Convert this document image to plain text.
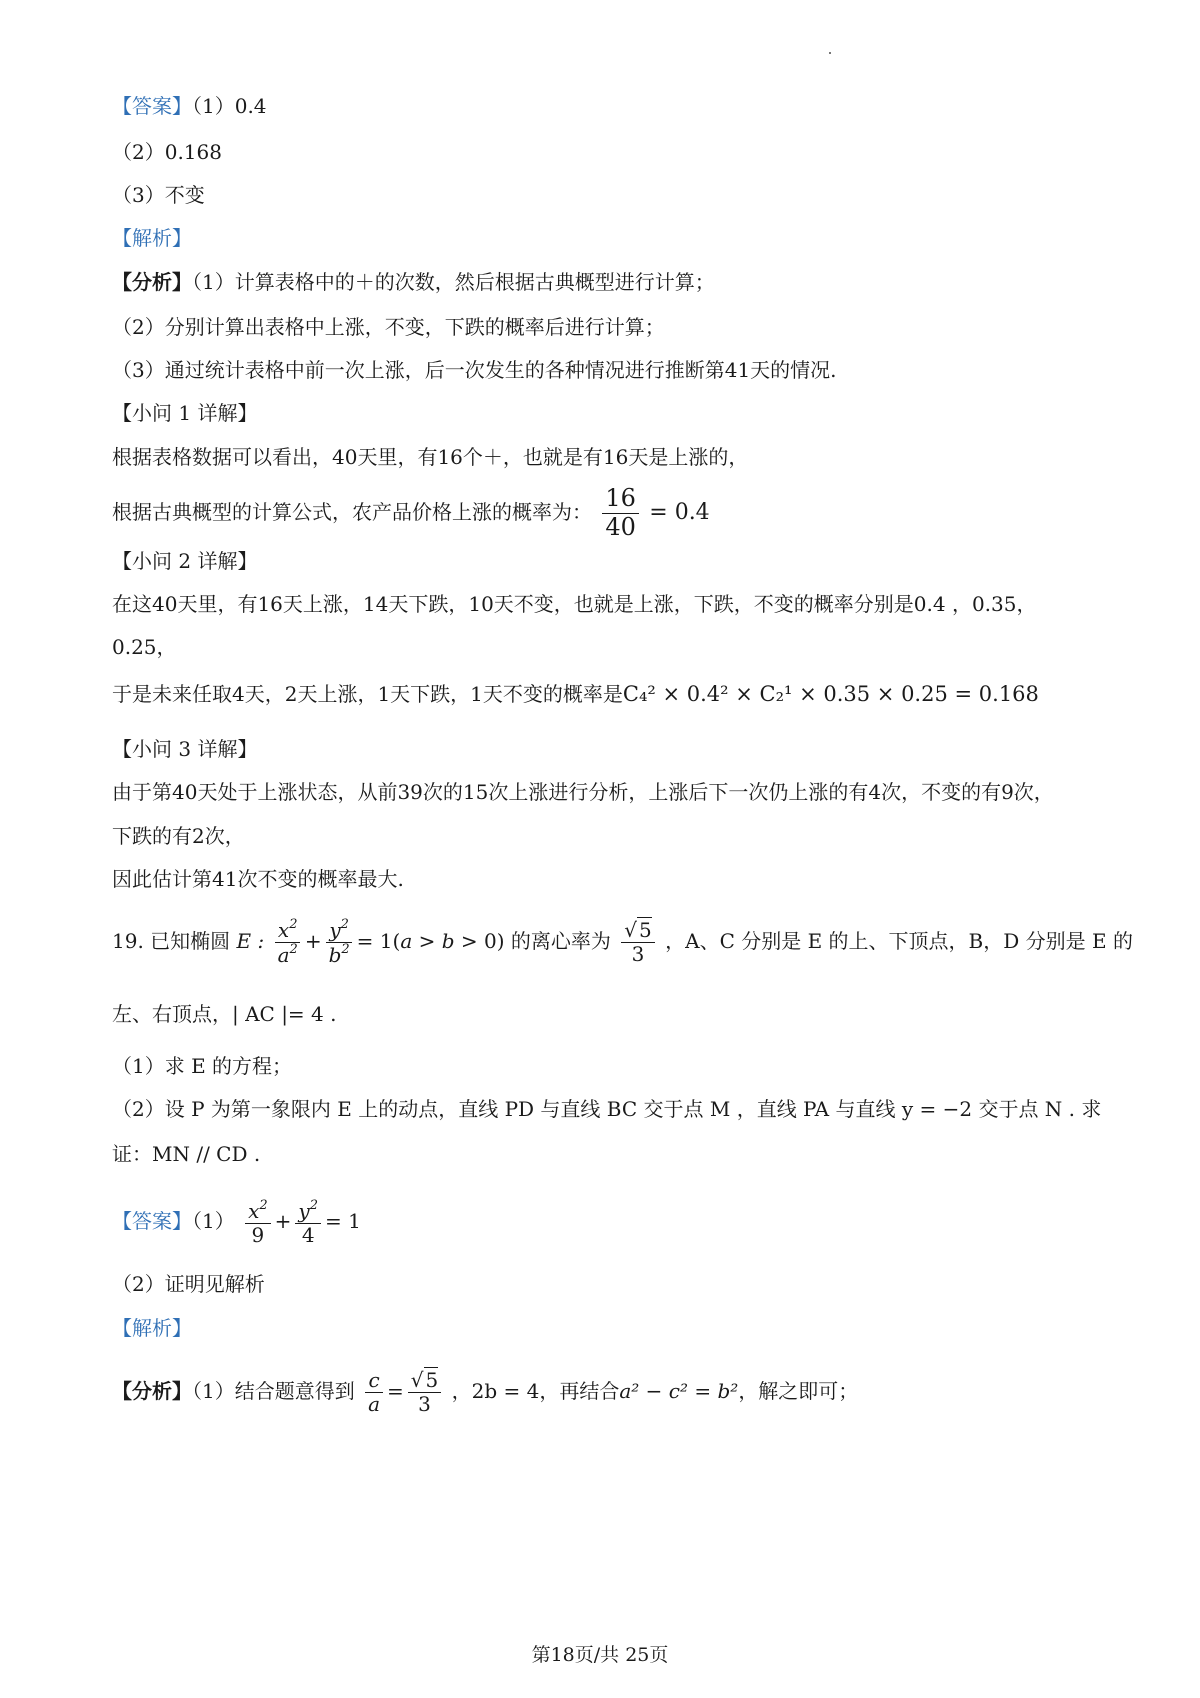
【答案】（1）0.4
（2）0.168
（3）不变
【解析】
【分析】（1）计算表格中的＋的次数，然后根据古典概型进行计算；
（2）分别计算出表格中上涨，不变，下跌的概率后进行计算；
（3）通过统计表格中前一次上涨，后一次发生的各种情况进行推断第41天的情况.
【小问 1 详解】
根据表格数据可以看出，40天里，有16个＋，也就是有16天是上涨的，
根据古典概型的计算公式，农产品价格上涨的概率为： $\frac{16}{40} = 0.4$
【小问 2 详解】
在这40天里，有16天上涨，14天下跌，10天不变，也就是上涨，下跌，不变的概率分别是0.4 ，0.35，
0.25，
于是未来任取4天，2天上涨，1天下跌，1天不变的概率是C₄² × 0.4² × C₂¹ × 0.35 × 0.25 = 0.168
【小问 3 详解】
由于第40天处于上涨状态，从前39次的15次上涨进行分析，上涨后下一次仍上涨的有4次，不变的有9次，
下跌的有2次，
因此估计第41次不变的概率最大.
19. 已知椭圆 E : $\frac{x^2}{a^2} + \frac{y^2}{b^2} = 1(a > b > 0)$ 的离心率为 $\frac{√ 5}{3}$ ，A、C 分别是 E 的上、下顶点，B，D 分别是 E 的
左、右顶点，| AC |= 4 .
（1）求 E 的方程；
（2）设 P 为第一象限内 E 上的动点，直线 PD 与直线 BC 交于点 M ，直线 PA 与直线 y = −2 交于点 N . 求
证：MN // CD .
【答案】$(1) \frac{x^2}{9} + \frac{y^2}{4} = 1$
（2）证明见解析
【解析】
【分析】（1）结合题意得到 $\frac{c}{a} = \frac{√ 5}{3}$ ，2b = 4，再结合a² − c² = b²，解之即可；
第18页/共 25页
